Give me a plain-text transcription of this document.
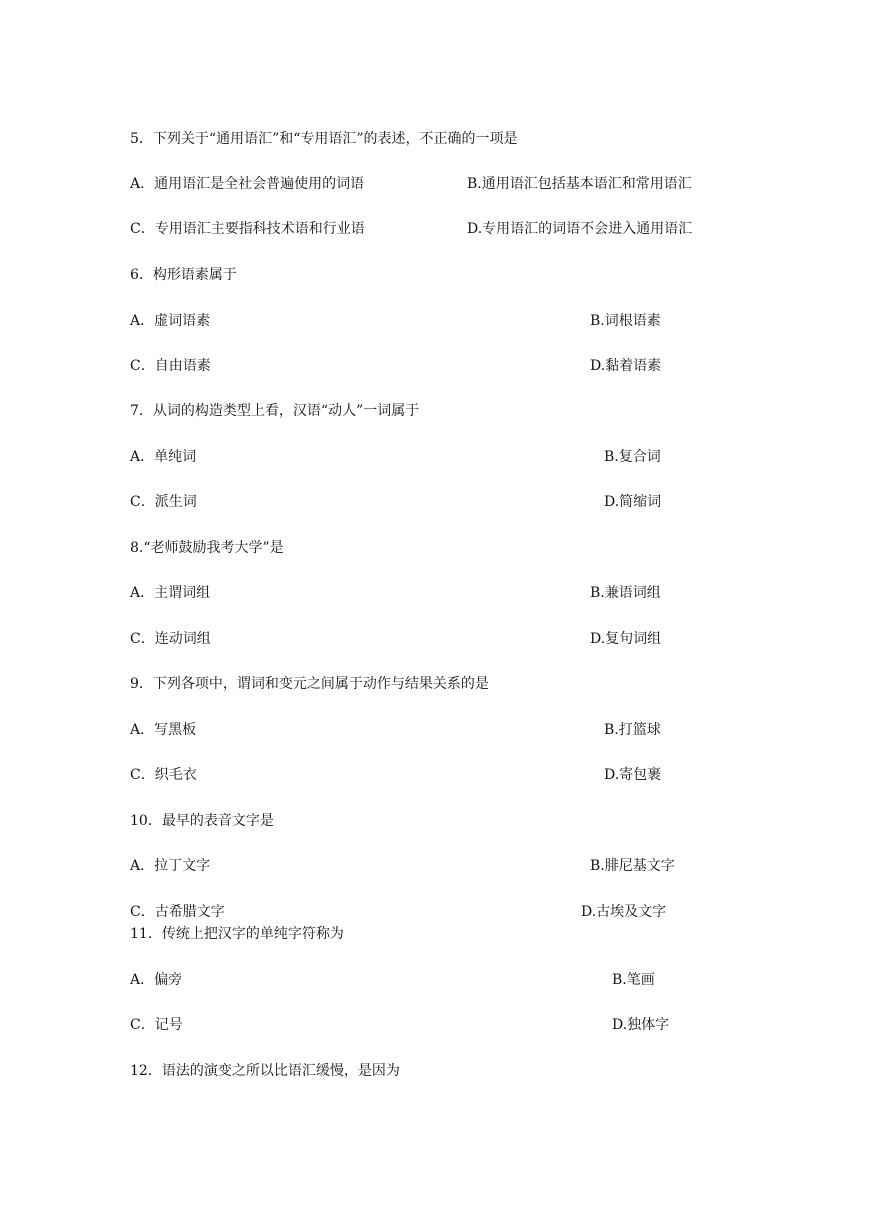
5．下列关于“通用语汇”和“专用语汇”的表述，不正确的一项是
A．通用语汇是全社会普遍使用的词语	B.通用语汇包括基本语汇和常用语汇
C．专用语汇主要指科技术语和行业语	D.专用语汇的词语不会进入通用语汇
6．构形语素属于
A．虚词语素	B.词根语素
C．自由语素	D.黏着语素
7．从词的构造类型上看，汉语“动人”一词属于
A．单纯词	B.复合词
C．派生词	D.简缩词
8.“老师鼓励我考大学”是
A．主谓词组	B.兼语词组
C．连动词组	D.复句词组
9．下列各项中，谓词和变元之间属于动作与结果关系的是
A．写黑板	B.打篮球
C．织毛衣	D.寄包裹
10．最早的表音文字是
A．拉丁文字	B.腓尼基文字
C．古希腊文字	D.古埃及文字
11．传统上把汉字的单纯字符称为
A．偏旁	B.笔画
C．记号	D.独体字
12．语法的演变之所以比语汇缓慢，是因为
